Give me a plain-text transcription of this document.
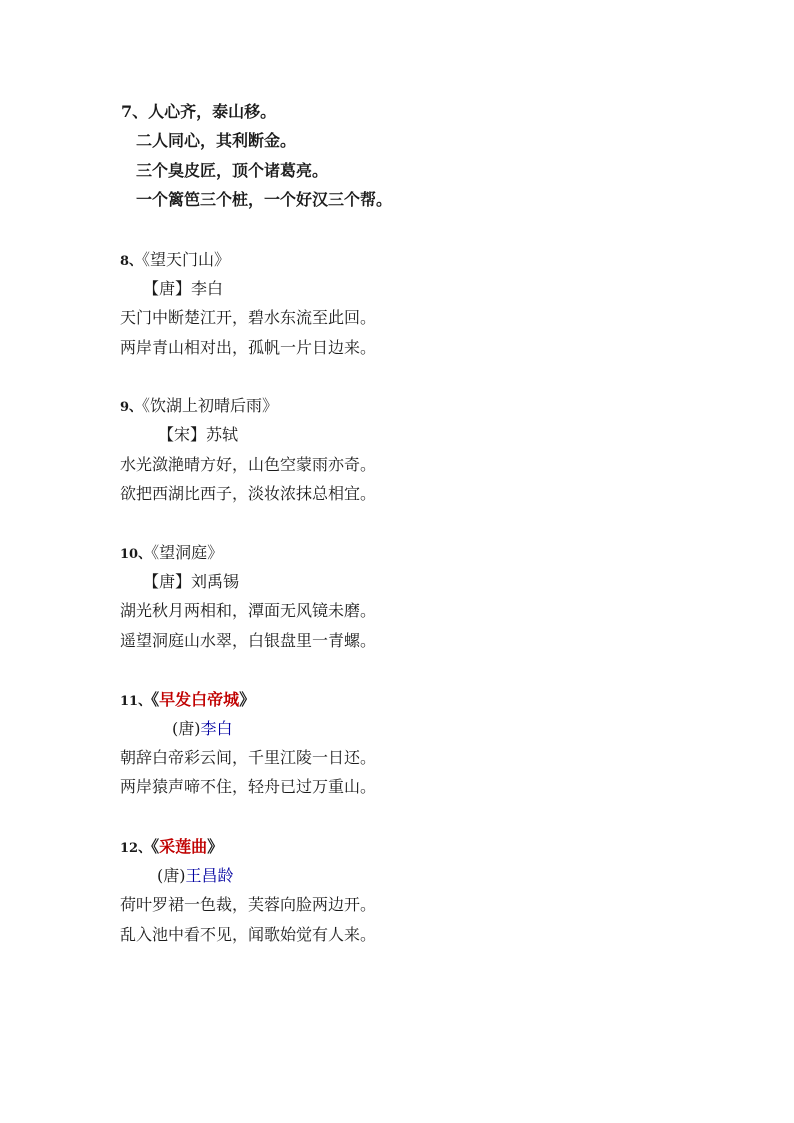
7、人心齐，泰山移。
二人同心，其利断金。
三个臭皮匠，顶个诸葛亮。
一个篱笆三个桩，一个好汉三个帮。
8、《望天门山》
【唐】李白
天门中断楚江开，碧水东流至此回。
两岸青山相对出，孤帆一片日边来。
9、《饮湖上初晴后雨》
【宋】苏轼
水光潋滟晴方好，山色空蒙雨亦奇。
欲把西湖比西子，淡妆浓抹总相宜。
10、《望洞庭》
【唐】刘禹锡
湖光秋月两相和，潭面无风镜未磨。
遥望洞庭山水翠，白银盘里一青螺。
11、《早发白帝城》
(唐)李白
朝辞白帝彩云间，千里江陵一日还。
两岸猿声啼不住，轻舟已过万重山。
12、《采莲曲》
(唐)王昌龄
荷叶罗裙一色裁，芙蓉向脸两边开。
乱入池中看不见，闻歌始觉有人来。
